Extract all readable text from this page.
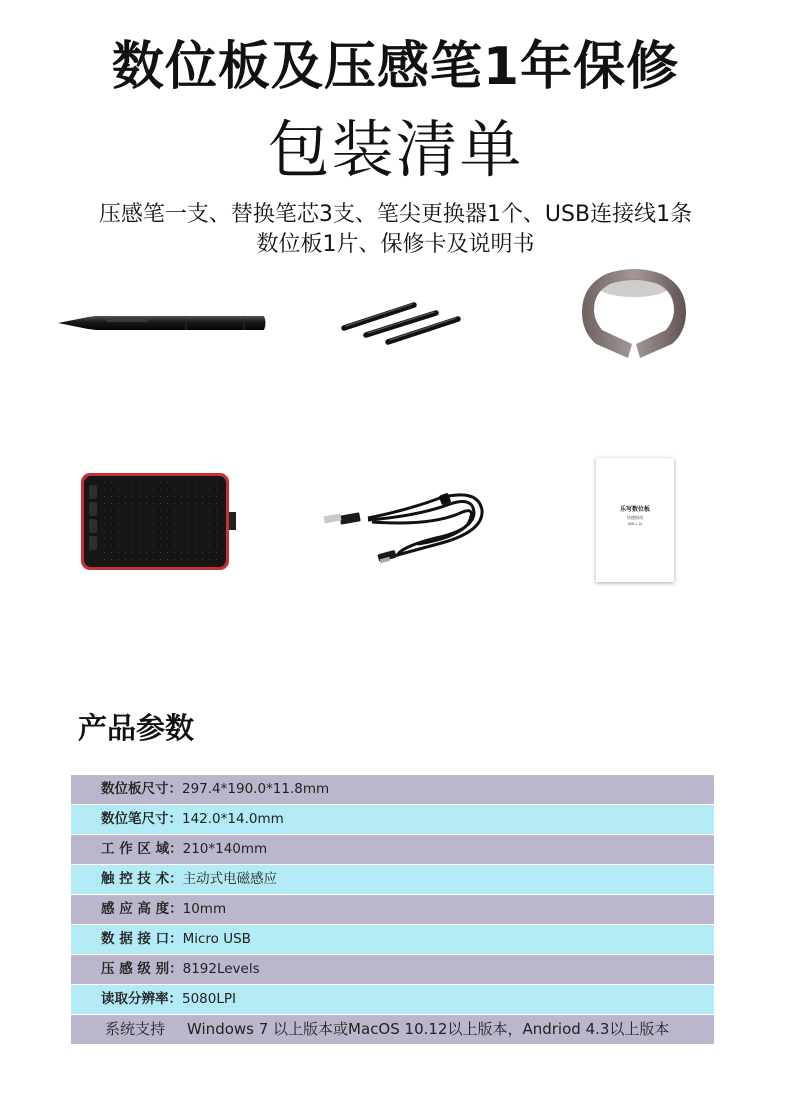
数位板及压感笔1年保修
包装清单

压感笔一支、替换笔芯3支、笔尖更换器1个、USB连接线1条

数位板1片、保修卡及说明书

乐写数位板
快速指南
(BN-1 2)
产品参数
数位板尺寸：297.4*190.0*11.8mm
数位笔尺寸：142.0*14.0mm
工 作 区 域：210*140mm
触 控 技 术：主动式电磁感应
感 应 高 度：10mm
数 据 接 口：Micro USB
压 感 级 别：8192Levels
读取分辨率：5080LPI
系统支持 Windows 7 以上版本或MacOS 10.12以上版本，Andriod 4.3以上版本
